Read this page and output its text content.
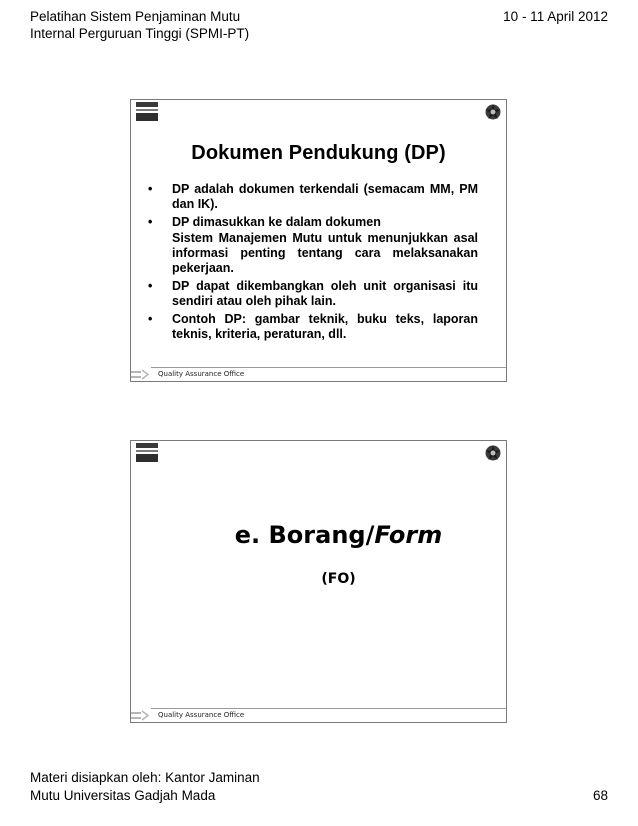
Pelatihan Sistem Penjaminan Mutu
Internal Perguruan Tinggi (SPMI-PT)
10 - 11 April 2012
Dokumen Pendukung (DP)
• DP adalah dokumen terkendali (semacam MM, PM dan IK).
• DP dimasukkan ke dalam dokumen
Sistem Manajemen Mutu untuk menunjukkan asal informasi penting tentang cara melaksanakan pekerjaan.
• DP dapat dikembangkan oleh unit organisasi itu sendiri atau oleh pihak lain.
• Contoh DP: gambar teknik, buku teks, laporan teknis, kriteria, peraturan, dll.
Quality Assurance Office
e. Borang/Form
(FO)
Quality Assurance Office
Materi disiapkan oleh: Kantor Jaminan
Mutu Universitas Gadjah Mada	68
